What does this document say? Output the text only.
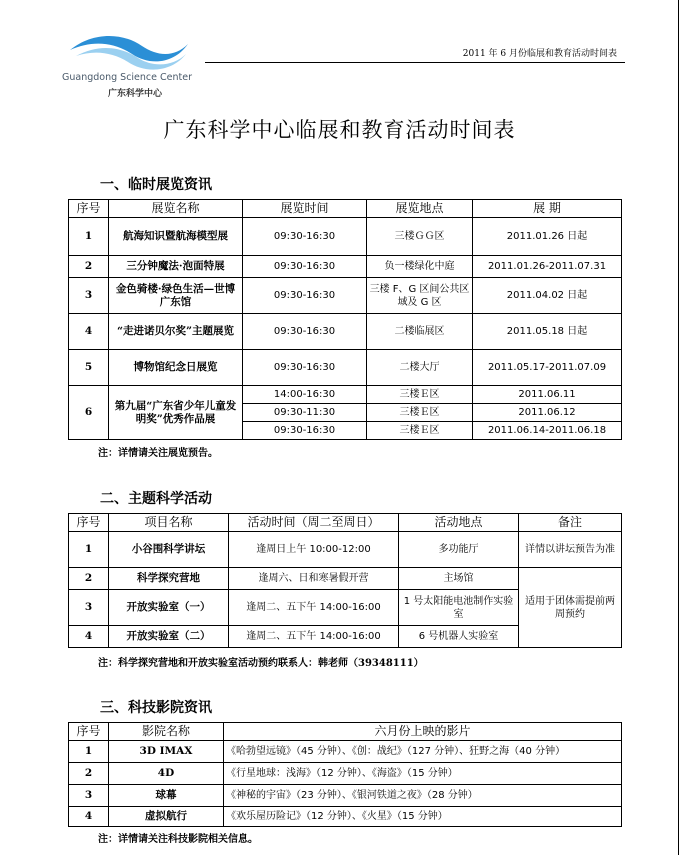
Guangdong Science Center
广东科学中心
2011 年 6 月份临展和教育活动时间表
广东科学中心临展和教育活动时间表
一、临时展览资讯
序号	展览名称	展览时间	展览地点	展 期
1	航海知识暨航海模型展	09:30-16:30	三楼ＧＧ区	2011.01.26 日起
2	三分钟魔法·泡面特展	09:30-16:30	负一楼绿化中庭	2011.01.26-2011.07.31
3	金色骑楼·绿色生活—世博广东馆	09:30-16:30	三楼 F、G 区间公共区域及 G 区	2011.04.02 日起
4	“走进诺贝尔奖”主题展览	09:30-16:30	二楼临展区	2011.05.18 日起
5	博物馆纪念日展览	09:30-16:30	二楼大厅	2011.05.17-2011.07.09
6	第九届“广东省少年儿童发明奖”优秀作品展	14:00-16:30	三楼Ｅ区	2011.06.11
		09:30-11:30	三楼Ｅ区	2011.06.12
		09:30-16:30	三楼Ｅ区	2011.06.14-2011.06.18
注：详情请关注展览预告。
二、主题科学活动
序号	项目名称	活动时间（周二至周日）	活动地点	备注
1	小谷围科学讲坛	逢周日上午 10:00-12:00	多功能厅	详情以讲坛预告为准
2	科学探究营地	逢周六、日和寒暑假开营	主场馆	适用于团体需提前两周预约
3	开放实验室（一）	逢周二、五下午 14:00-16:00	1 号太阳能电池制作实验室	
4	开放实验室（二）	逢周二、五下午 14:00-16:00	6 号机器人实验室	
注：科学探究营地和开放实验室活动预约联系人：韩老师（39348111）
三、科技影院资讯
序号	影院名称	六月份上映的影片
1	3D IMAX	《哈勃望远镜》（45 分钟）、《创：战纪》（127 分钟）、狂野之海（40 分钟）
2	4D	《行星地球：浅海》（12 分钟）、《海盗》（15 分钟）
3	球幕	《神秘的宇宙》（23 分钟）、《银河铁道之夜》（28 分钟）
4	虚拟航行	《欢乐屋历险记》（12 分钟）、《火星》（15 分钟）
注：详情请关注科技影院相关信息。
